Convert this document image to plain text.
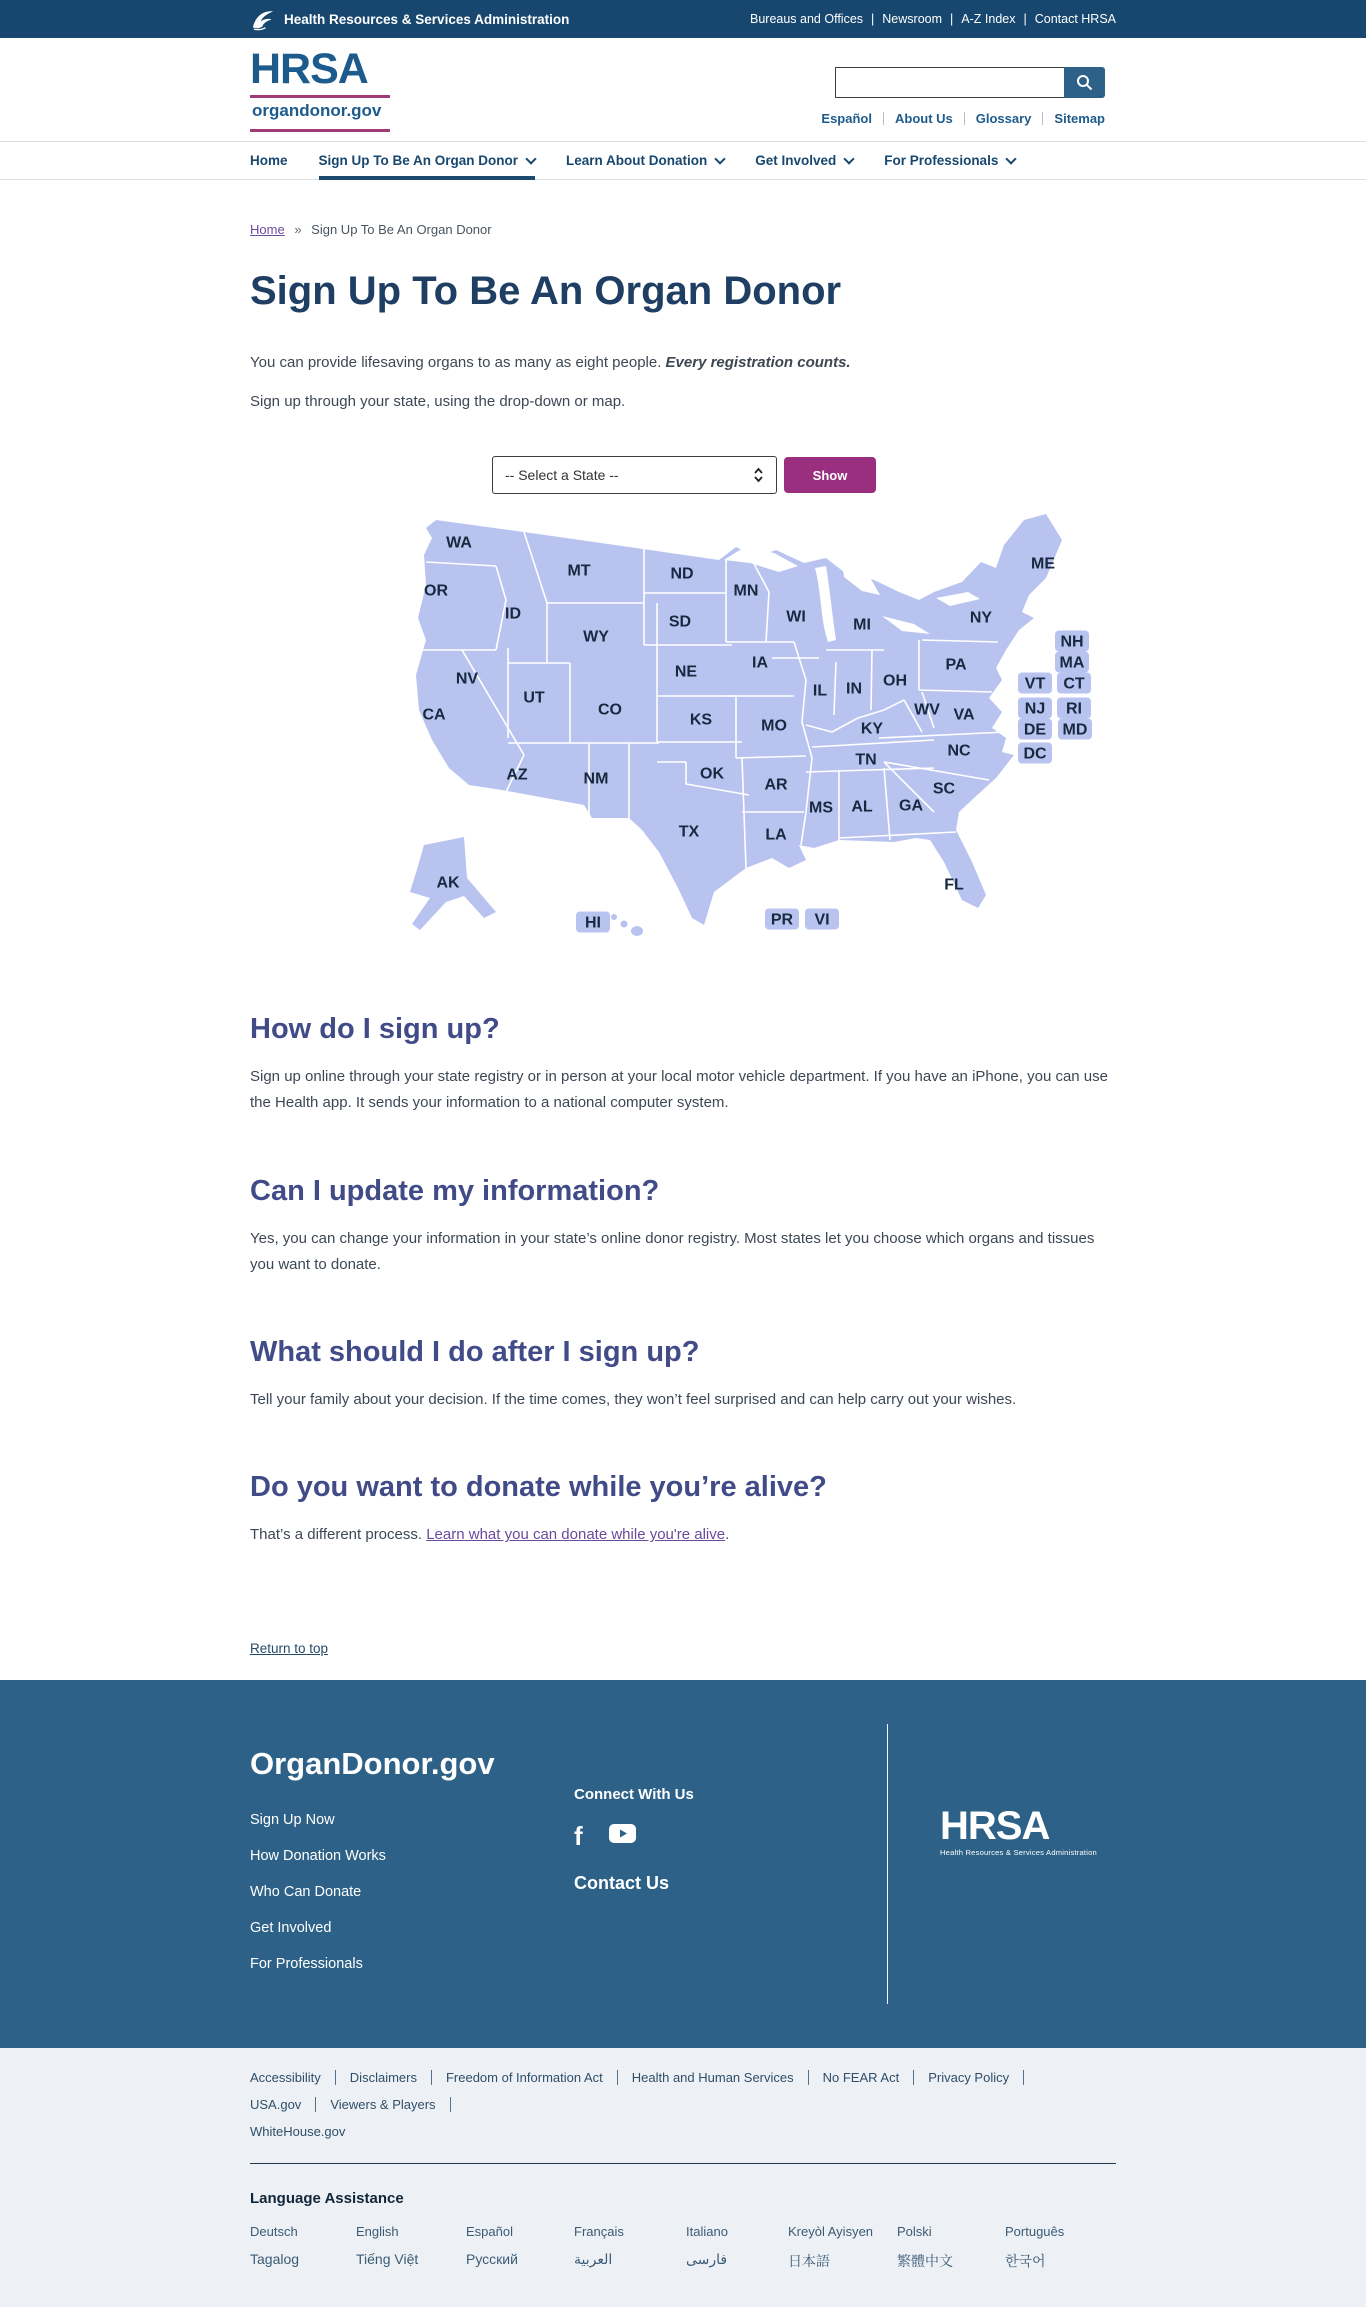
Health Resources & Services Administration	Bureaus and Offices | Newsroom | A-Z Index | Contact HRSA
HRSA
organdonor.gov	Español About Us Glossary Sitemap
Home Sign Up To Be An Organ Donor	Learn About Donation	Get Involved	For Professionals
Home » Sign Up To Be An Organ Donor
Sign Up To Be An Organ Donor

You can provide lifesaving organs to as many as eight people. Every registration counts.

Sign up through your state, using the drop-down or map.

-- Select a State --	Show
WA
OR
CA
NV
ID
UT
AZ
MT
WY
CO
NM
ND
SD
NE
KS
OK
TX
MN
IA
MO
AR
LA
WI
IL
MS
MI
IN
KY
TN
AL
OH
GA
FL
SC
NC
VA
WV
PA
NY
ME
AK
HI	PR VI
NH
MA
VT CT
NJ RI
DE MD
DC
How do I sign up?

Sign up online through your state registry or in person at your local motor vehicle department. If you have an iPhone, you can use the Health app. It sends your information to a national computer system.

Can I update my information?

Yes, you can change your information in your state’s online donor registry. Most states let you choose which organs and tissues you want to donate.

What should I do after I sign up?

Tell your family about your decision. If the time comes, they won’t feel surprised and can help carry out your wishes.

Do you want to donate while you’re alive?

That’s a different process. Learn what you can donate while you're alive.

Return to top
OrganDonor.gov
Sign Up Now
How Donation Works
Who Can Donate
Get Involved
For Professionals
Connect With Us
f
Contact Us
HRSA
Health Resources & Services Administration
Accessibility	Disclaimers	Freedom of Information Act	Health and Human Services	No FEAR Act	Privacy Policy
USA.gov	Viewers & Players
WhiteHouse.gov
Language Assistance
Deutsch	English	Español	Français	Italiano	Kreyòl Ayisyen	Polski	Português
Tagalog	Tiếng Việt	Русский	العربية	فارسی	日本語	繁體中文	한국어
